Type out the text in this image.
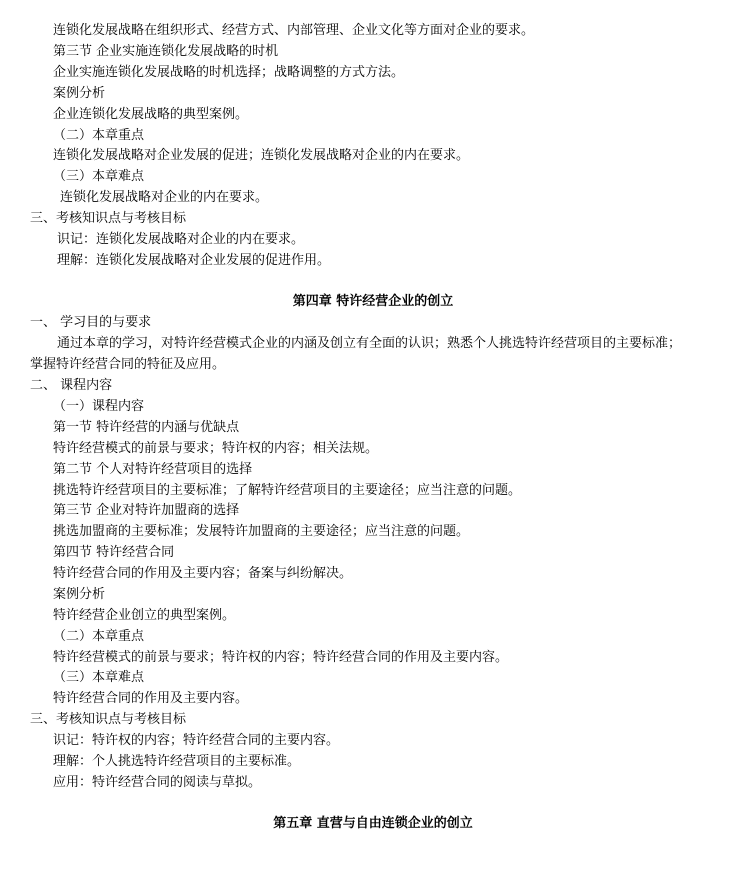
连锁化发展战略在组织形式、经营方式、内部管理、企业文化等方面对企业的要求。
第三节 企业实施连锁化发展战略的时机
企业实施连锁化发展战略的时机选择；战略调整的方式方法。
案例分析
企业连锁化发展战略的典型案例。
（二）本章重点
连锁化发展战略对企业发展的促进；连锁化发展战略对企业的内在要求。
（三）本章难点
连锁化发展战略对企业的内在要求。
三、考核知识点与考核目标
识记：连锁化发展战略对企业的内在要求。
理解：连锁化发展战略对企业发展的促进作用。
第四章 特许经营企业的创立
一、 学习目的与要求
通过本章的学习，对特许经营模式企业的内涵及创立有全面的认识；熟悉个人挑选特许经营项目的主要标准；
掌握特许经营合同的特征及应用。
二、 课程内容
（一）课程内容
第一节 特许经营的内涵与优缺点
特许经营模式的前景与要求；特许权的内容；相关法规。
第二节 个人对特许经营项目的选择
挑选特许经营项目的主要标准；了解特许经营项目的主要途径；应当注意的问题。
第三节 企业对特许加盟商的选择
挑选加盟商的主要标准；发展特许加盟商的主要途径；应当注意的问题。
第四节 特许经营合同
特许经营合同的作用及主要内容；备案与纠纷解决。
案例分析
特许经营企业创立的典型案例。
（二）本章重点
特许经营模式的前景与要求；特许权的内容；特许经营合同的作用及主要内容。
（三）本章难点
特许经营合同的作用及主要内容。
三、考核知识点与考核目标
识记：特许权的内容；特许经营合同的主要内容。
理解：个人挑选特许经营项目的主要标准。
应用：特许经营合同的阅读与草拟。
第五章 直营与自由连锁企业的创立
